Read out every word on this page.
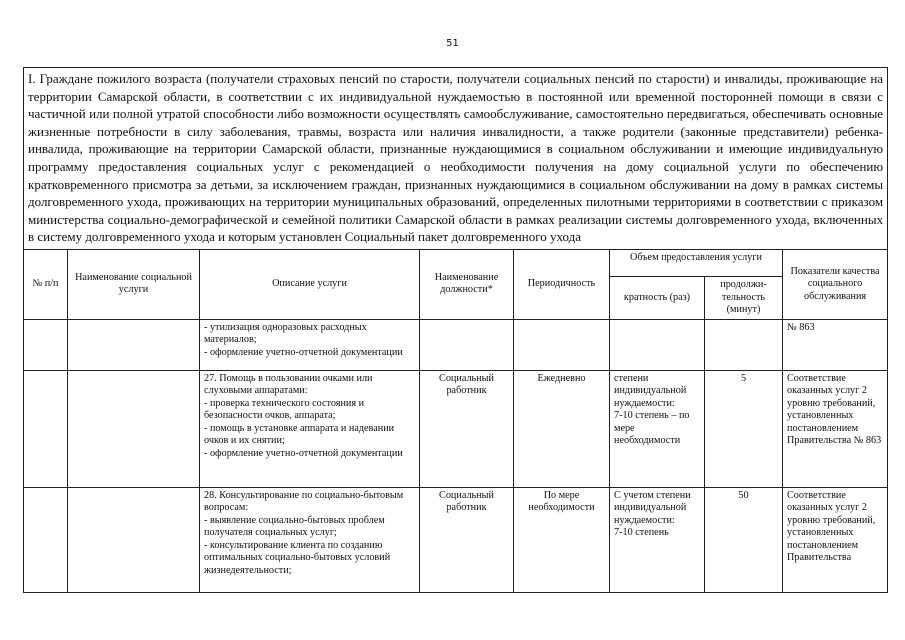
51
I. Граждане пожилого возраста (получатели страховых пенсий по старости, получатели социальных пенсий по старости) и инвалиды, проживающие на территории Самарской области, в соответствии с их индивидуальной нуждаемостью в постоянной или временной посторонней помощи в связи с частичной или полной утратой способности либо возможности осуществлять самообслуживание, самостоятельно передвигаться, обеспечивать основные жизненные потребности в силу заболевания, травмы, возраста или наличия инвалидности, а также родители (законные представители) ребенка-инвалида, проживающие на территории Самарской области, признанные нуждающимися в социальном обслуживании и имеющие индивидуальную программу предоставления социальных услуг с рекомендацией о необходимости получения на дому социальной услуги по обеспечению кратковременного присмотра за детьми, за исключением граждан, признанных нуждающимися в социальном обслуживании на дому в рамках системы долговременного ухода, проживающих на территории муниципальных образований, определенных пилотными территориями в соответствии с приказом министерства социально-демографической и семейной политики Самарской области в рамках реализации системы долговременного ухода, включенных в систему долговременного ухода и которым установлен Социальный пакет долговременного ухода							

№ п/п	Наименование социальной услуги	Описание услуги	Наименование должности*	Периодичность	Объем предоставления услуги		Показатели качества социального обслуживания
					кратность (раз)	продолжи-тельность (минут)	
		- утилизация одноразовых расходных материалов;
- оформление учетно-отчетной документации					№ 863
		27. Помощь в пользовании очками или слуховыми аппаратами:
- проверка технического состояния и безопасности очков, аппарата;
- помощь в установке аппарата и надевании очков и их снятии;
- оформление учетно-отчетной документации	Социальный работник	Ежедневно	степени индивидуальной нуждаемости:
7-10 степень – по мере необходимости	5	Соответствие оказанных услуг 2 уровню требований, установленных постановлением Правительства № 863
		28. Консультирование по социально-бытовым вопросам:
- выявление социально-бытовых проблем получателя социальных услуг;
- консультирование клиента по созданию оптимальных социально-бытовых условий жизнедеятельности;	Социальный работник	По мере необходимости	С учетом степени индивидуальной нуждаемости:
7-10 степень	50	Соответствие оказанных услуг 2 уровню требований, установленных постановлением Правительства
